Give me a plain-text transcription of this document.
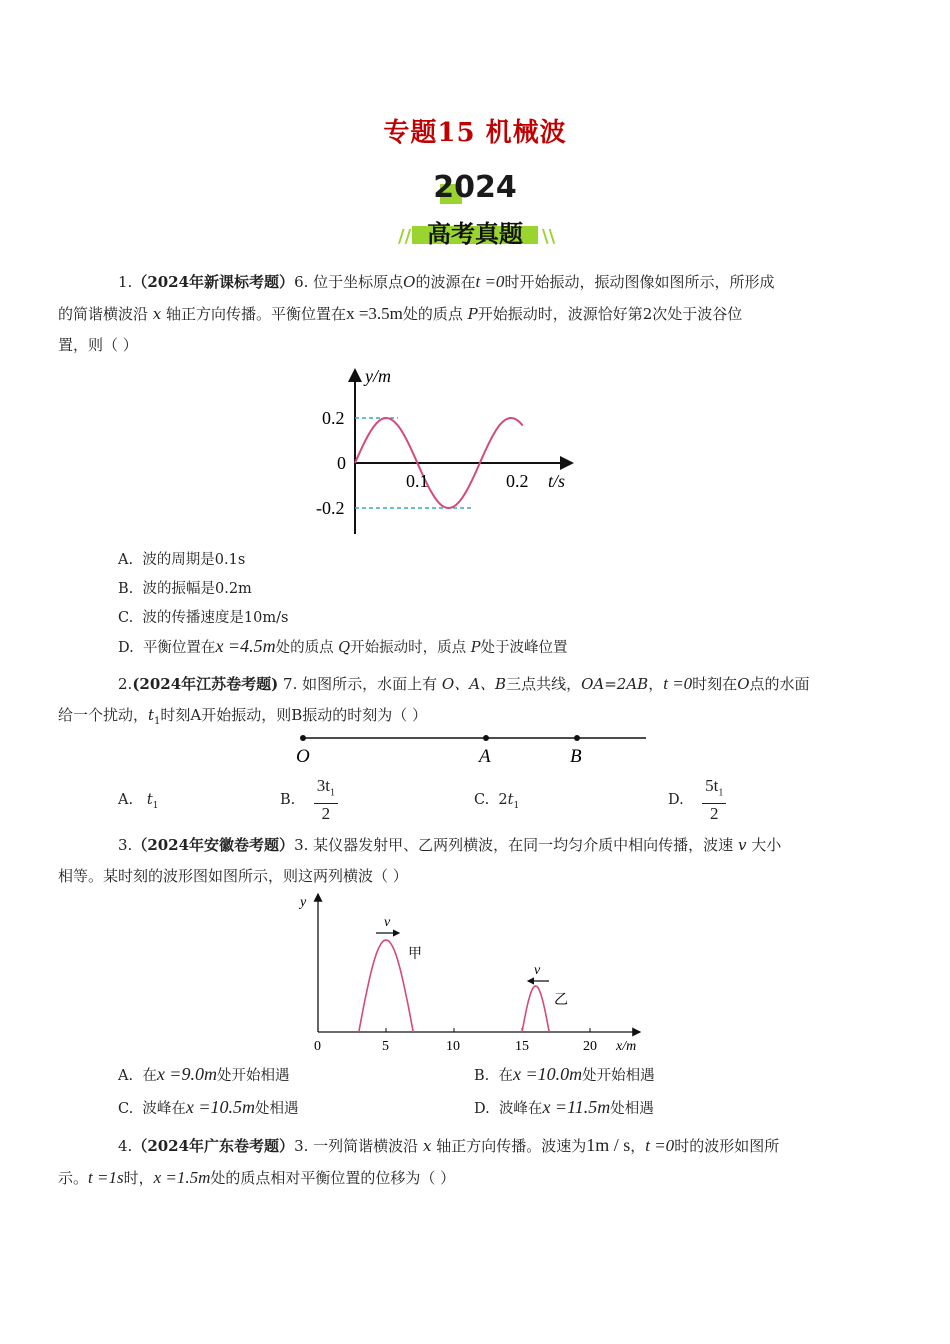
专题15 机械波
2024
高考真题
//	\\
1.（2024年新课标考题）6. 位于坐标原点O的波源在t =0时开始振动，振动图像如图所示，所形成
的简谐横波沿 x 轴正方向传播。平衡位置在x =3.5m处的质点 P开始振动时，波源恰好第2次处于波谷位
置，则（ ）
y/m
0.2
0
-0.2
0.1	0.2 t/s
A. 波的周期是0.1s
B. 波的振幅是0.2m
C. 波的传播速度是10m/s
D. 平衡位置在x =4.5m处的质点 Q开始振动时，质点 P处于波峰位置
2.(2024年江苏卷考题) 7. 如图所示，水面上有 O、A、B三点共线，OA=2AB，t =0时刻在O点的水面
给一个扰动，$t_1$时刻A开始振动，则B振动的时刻为（ ）
O	A	B
A. $t_1$	B. $\frac{3t_1}{2}$	C. $2t_1$	D. $\frac{5t_1}{2}$
3.（2024年安徽卷考题）3. 某仪器发射甲、乙两列横波，在同一均匀介质中相向传播，波速 v 大小
相等。某时刻的波形图如图所示，则这两列横波（ ）
y
v
v
甲
乙
0	5	10	15	20 x/m
A. 在x =9.0m处开始相遇	B. 在x =10.0m处开始相遇
C. 波峰在x =10.5m处相遇	D. 波峰在x =11.5m处相遇
4.（2024年广东卷考题）3. 一列简谐横波沿 x 轴正方向传播。波速为1m / s，t =0时的波形如图所
示。t =1s时，x =1.5m处的质点相对平衡位置的位移为（ ）
